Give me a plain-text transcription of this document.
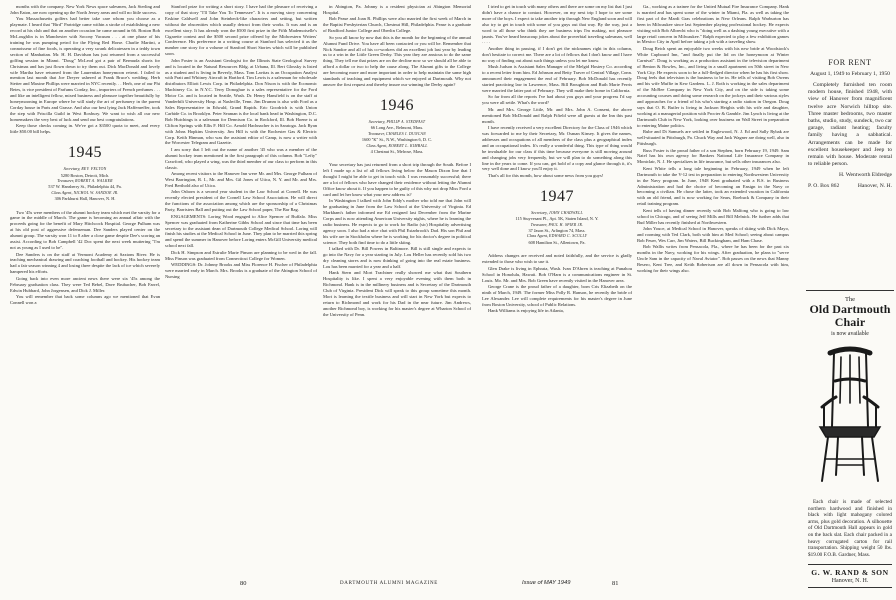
months with the company. New York News space salesmen, Jack Sterling and John Eaton, are now opening up the North Jersey areas and will no little success.

You Massachusetts golfers had better take care whom you choose as a playmate. I heard that "Bird" Partridge came within a stroke of establishing a new record at his club and that on another occasion he came around in 66. Boston Bob McLoughlin is in Manchester with Socony Vacuum . . . at one phase of his training he was pumping petrol for the Flying Red Horse. Charlie Martini, a connoisseur of fine foods, is operating a very swank delicatessen in a teddy town section of Manhattan. Mr. H. H. Davidson has just returned from a successful golfing session in Miami. "Doug" McLeod got a pair of Bermuda shorts for Christmas and has just flown down to try them out. Dick MacDonald and lovely wife Martha have returned from the Laurentian honeymoon retreat. I failed to mention last month that Joe Dreyer ushered at Frank Bruce's wedding. Herb Stetter and Maxine Phillips were married in NYC recently. . . Herb, one of our Phi Betes, is vice president of Parfums Corday, Inc., importers of French perfumes . . . and like an intelligent fellow, mixed business and pleasure together beautifully by honeymooning in Europe where he will study the art of perfumery in the parent Corday house in Paris and Grasse. And also our best lying Jack Haffenreffer, took the step with Priscilla Guild in West Roxbury. We want to wish all our new homemakers the very best of luck and send our best congratulations.

Keep those checks coming in. We've got a $3500 quota to meet, and every little $50.00 bill helps.

1945
Secretary, REV. FELTON
5280 Boston, Detroit, Mich.
Treasurer, ROBERT A. WALKER
537 W. Hansberry St., Philadelphia 44, Pa.
Class Agent, NICHOL W. SANDOE JR.
306 Parkhurst Hall, Hanover, N. H.

Two '45s were members of the alumni hockey team which met the varsity for a game in the middle of March. The game is becoming an annual affair with the proceeds going for the benefit of Mary Hitchcock Hospital. George Pulham was at his old post of aggressive defenseman. Dee Sanders played center on the alumni group. The varsity won 11 to 8 after a close game despite Dee's scoring an assist. According to Bob Campbell '42 Doc spent the next week muttering "I'm not as young as I used to be".

Dee Sanders is on the staff at Vermont Academy at Saxtons River. He is teaching mechanical drawing and coaching football and hockey. His hockey team had a fair season winning 4 and losing three despite the lack of ice which severely hampered his efforts.

Going back into even more ancient news there were six '45s among the February graduation class. They were Ted Bebel, Dave Brubacher, Bob Farrel, Edwin Hubbard, John Jorgensen, and Dick J. Miller.

You will remember that back some columns ago we mentioned that Evan Connell won a

Stanford prize for writing a short story. I have had the pleasure of receiving a copy of that story "I'll Take You To Tennessee". It is a moving story concerning Erskine Caldwell and John Steinbeck-like characters and setting, but written without the obscenities which usually detract from their works. It was and is an excellent story. It has already won the $500 first prize in the Fifth Mademoiselle's Cigarette contest and the $500 second prize offered by the Midwestern Writers' Conference. His preference in a writing course at Stanford has selected it as the number one story for a volume of Stanford Short Stories which will be published soon.

John Foster is an Assistant Geologist for the Illinois State Geological Survey and is located in the Natural Resources Bldg. at Urbana, Ill. Bert Glossky is listed as a student and is living in Beverly, Mass. Tom Lavitas is an Occupation Analyst with Pratt and Whitney Aircraft in Hartford. Tim Lewis is a salesman for wholesale distributors Elliott Lewis Corp. in Philadelphia. Don Nixon is with the Economic Machinery Co. in N.Y.C. Terry Donoghue is a sales representative for the Ford Motor Co. and is located in Seattle, Wash. Dr. Henry Hansfield is on the staff at Vanderbilt University Hosp. at Nashville, Tenn. Jim Drumm is also with Ford as a Sales Representative in Edwald, Grand Rapids. Eric Goodrich is with Union Carbide Co. in Brooklyn. Peter Seaman is the local bank head in Washington, D.C. Bob Hutchings is a salesman for Dennison Co. in Rockford, Ill. Bob Hoene is at Clifton Springs with Ellis F. Hill Co. Arnold Hachnacher is in Saratoga. Jack Ryan with Johns Hopkins University. Jim Hill is with the Rochester Gas & Electric Corp. Keith Hinman, who was the assistant editor of Camp, is now a writer with the Worcester Telegram and Gazette.

I am sorry that I left out the name of another '45 who was a member of the alumni hockey team mentioned in the first paragraph of this column. Bob "Lefty" Crawford, who played a wing, was the third member of our class to perform in this classic.

Among recent visitors to the Hanover Inn were Mr. and Mrs. George Fulham of West Barrington, R. I., Mr. and Mrs. Gil Jones of Utica, N. Y. and Mr. and Mrs. Fred Berthold also of Utica.

John Osborn is a second year student in the Law School at Cornell. He was recently elected president of the Cornell Law School Association. He will direct the functions of the association among which are the sponsorship of a Christmas Party, Barristers Ball and putting out the Law School paper, The Bar Rag.

ENGAGEMENTS: Loring Wood engaged to Alice Spencer of Buffalo. Miss Spencer was graduated from Katherine Gibbs School and since that time has been secretary to the assistant dean of Dartmouth College Medical School. Loring will finish his studies at the Medical School in June. They plan to be married this spring and spend the summer in Hanover before Loring enters McGill University medical school next fall.

Dick H. Simpson and Estrulie Marie Pinson are planning to be wed in the fall. Miss Pinson was graduated from Connecticut College for Women.

WEDDINGS: Dr. Johnny Brooks and Miss Florence H. Fischer of Philadelphia were married early in March. Mrs. Brooks is a graduate of the Abington School of Nursing

in Abington, Pa. Johnny is a resident physician at Abington Memorial Hospital.

Bob Pease and Joan R. Phillips were also married the first week of March in the Baptist Presbyterian Church, Chestnut Hill, Philadelphia. Pease is a graduate of Bradford Junior College and Oberlin College.

So you all know by now that this is the month for the beginning of the annual Alumni Fund Drive. You have all been contacted or you will be. Remember that Nick Sandoe and all of his co-workers did an excellent job last year by leading us to a win in the Little Green Derby. This year they are anxious to do the same thing. They tell me that prizes are on the decline now so we should all be able to afford a dollar or two to help the cause along. The Alumni gifts to the College are becoming more and more important in order to help maintain the same high standards of teaching and equipment which we enjoyed at Dartmouth. Why not answer the first request and thereby insure our winning the Derby again?

1946
Secretary, PHILIP A. STEDFAST
66 Long Ave., Belmont, Mass.
Treasurer, CHARLES I. DUNCAN
1600 "K" St., N.W., Washington 6, D. C.
Class Agent, ROBERT L. KIMBALL
4 Chestnut St., Melrose, Mass.

Your secretary has just returned from a short trip through the South. Before I left I made up a list of all fellows living below the Mason Dixon line that I thought I might be able to get in touch with. I was reasonably successful; there are a lot of fellows who have changed their residence without letting the Alumni Office know about it. If you happen to be guilty of this why not drop Miss Ford a card and let her know what your new address is?

In Washington I talked with John Eddy's mother who told me that John will be graduating in June from the Law School at the University of Virginia. Ed Markham's father informed me Ed resigned last December from the Marine Corps and is now attending American University nights, where he is learning the radio business. He expects to go to work for Radio (sic) Hospitality advertising agency soon. I also had a nice chat with Phil Estarbrook's Dad. His son Phil and his wife are in Stockholm where he is working for his doctor's degree in political science. They both find time to do a little skiing.

I talked with Dr. Bill Powers in Baltimore. Bill is still single and expects to go into the Navy for a year starting in July. Lou Heller has recently sold his two dry cleaning stores and is now thinking of going into the real estate business. Lou has been married for a year and a half.

Hank Stern and Mort Trachtner really showed me what that Southern Hospitality is like. I spent a very enjoyable evening with them both in Richmond. Hank is in the millinery business and is Secretary of the Dartmouth Club of Virginia. President Dick will speak to this group sometime this month. Mort is learning the textile business and will start in New York but expects to return to Richmond and work for his Dad in the near future. Jim Andrews, another Richmond boy, is working for his master's degree at Wharton School of the University of Penn.

I tried to get in touch with many others and there are some on my list that I just didn't have a chance to contact. However, on my next trip I hope to see some more of the boys. I expect to take another trip through New England soon and will also try to get in touch with some of you guys out that way. By the way, just a word to all those who think they are business trips I'm making, not pleasure jaunts. You've heard beaucoup jokes about the proverbial traveling salesman, well . . . .

Another thing in passing, if I don't get the nicknames right in this column, don't hesitate to correct me. There are a lot of fellows that I don't know and I have no way of finding out about such things unless you let me know.

Mush Judson is Assistant Sales Manager of the Melgid Hosiery Co. according to a recent letter from him. Ed Johnson and Betty Traver of Central Village, Conn. announced their engagement the end of February. Bob McDonald has recently started practicing law in Lawrence, Mass. Bill Broughton and Ruth Marie Ferris were married the latter part of February. They will make their home in California.

So far from all the reports I've had about you guys and your progress I'd say you were all settle. What's the word?

Mr. and Mrs. George Little, Mr. and Mrs. John A. Consent, the above mentioned Bob McDonald and Ralph Fifield were all guests at the Inn this past month.

I have recently received a very excellent Directory for the Class of 1946 which was forwarded to me by their Secretary, Mr. Osman Kinsey. It gives the names, addresses and occupations of all members of the class plus a geographical index and an occupational index. It's really a wonderful thing. This type of thing would be invaluable for our class if this time because everyone is still moving around and changing jobs very frequently, but we will plan to do something along this line in the years to come. If you can, get hold of a copy and glance through it, it's very well done and I know you'll enjoy it.

That's all for this month, how about some news from you guys!

1947
Secretary, JOHN CHADWELL
115 Stuyvesant Pl., Apt. 5K, Staten Island, N. Y.
Treasurer, PAUL H. SPIER JR.
37 Jason St., Arlington 74, Mass.
Class Agent, EDWARD C. SCULLY
608 Hamilton St., Allentown, Pa.

Address changes are received and noted faithfully, and the service is gladly extended to those who wish to use it.

Glen Drake is living in Ephrata, Wash. Ivan D'Abren is teaching at Punahou School in Honolulu, Hawaii. Bob O'Harn is a communications engineer in St. Louis. Mo. Mr. and Mrs. Bob Green have recently visited in the Hanover area.

George Crane is the proud father of a daughter, born Cris Elizabeth on the ninth of March, 1949. The former Miss Polly R. Hanson, he recently the bride of Lee Alexander. Lee will complete requirements for his master's degree in June from Boston University, school of Public Relations.

Hank Williams is enjoying life in Atlanta,

Ga., working as a trainee for the United Mutual Fire Insurance Company. Hank is married and has spent some of the winter in Miami, Fla. as well as taking the first part of the Mardi Gras celebrations in New Orleans. Ralph Warburton has been in Milwaukee since last September playing professional hockey. He expects visiting with Bob Albrecht who is "doing well as a dashing young executive with a large retail concern in Milwaukee." Ralph expected to play a few exhibition games in Mexico City in April before taking a job with a traveling show.

Doug Reich spent an enjoyable two weeks with his new bride at Woodstock's White Cupboard Inn, "and finally put the lid on the honeymoon at Winter Carnival". Doug is working as a production assistant in the television department of Benton & Bowles, Inc., and living in a small apartment on 50th street in New York City. He expects soon to be a full-fledged director when he has his first show. Doug feels that television is the business to be in. He tells of visiting Bob Owens and his wife Muffie in Kew Gardens. L. J. Roth is working in the sales department of the McBee Company in New York City, and on the side is taking some accounting courses and doing some research on the jockeys and their various styles and approaches for a friend of his who's starting a radio station in Oregon. Doug says that O. B. Butler is living in Jackson Heights with his wife and daughter, working at a managerial position with Procter & Gamble. Jim Lynch is living at the Dartmouth Club in New York, looking over business on Wall Street in preparation to entering Maine politics.

Rube and Di Samuels are settled in Englewood, N. J. Ed and Sally Rybak are well-situated in Pittsburgh, Pa. Chuck Way and Jack Wagner are doing well, also in Pittsburgh.

Russ Foster is the proud father of a son Stephen, born February 19, 1949. Sam Natel has his own agency for Bankers National Life Insurance Company in Montclair, N. J. He specializes in life insurance, but sells other insurances also.

Kent White tells a long tale beginning in February, 1949 when he left Dartmouth to take the V-12 test in preparation to entering Northwestern University in the Navy program. In June, 1948 Kent graduated with a B.S. in Business Administration and had the choice of becoming an Ensign in the Navy or becoming a civilian. He chose the latter, took an extended vacation in California with an old friend, and is now working for Sears, Roebuck & Company in their retail training program.

Kent tells of having dinner recently with Bob Malfong who is going to law school in Chicago, and of seeing Jeff Mills and Bill Melnick. He further adds that Bud Miller has recently finished at Northwestern.

John Youce, at Medical School in Hanover, speaks of skiing with Dick Mayo, and rooming with Ted Clark, both with him at Med School; seeing about campus Bob Feuer, Wes Carr, Jim Waters, Bill Buckingham, and Ham Chase.

Bob Wallis writes from Pensacola, Fla., where he has been for the past six months in the Navy, working for his wings. After graduation, he plans to "serve Uncle Sam in the capacity of Naval Aviator". Bob passes on the news that Manny Besero, Kent Tree, and Keith Robertson are all down in Pensacola with him, working for their wings also.

FOR RENT
August 1, 1949 to February 1, 1950
Completely furnished ten room modern house, finished 1948, with view of Hanover from magnificent twelve acre Norwich hilltop site. Three master bedrooms, two master baths, studio, study, sundeck, two car garage, radiant heating; faculty family having a sabbatical. Arrangements can be made for excellent housekeeper and Jeep to remain with house. Moderate rental to reliable person.
H. Wentworth Eldredge
P. O. Box 862	Hanover, N. H.
The
Old Dartmouth Chair
is now available
Each chair is made of selected northern hardwood and finished in black with light mahogany colored arms, plus gold decoration. A silhouette of Old Dartmouth Hall appears in gold on the back slat. Each chair packed in a heavy corrugated carton for rail transportation. Shipping weight 50 lbs. $19.00 F.O.B. Gardner, Mass.
G. W. RAND & SON
Hanover, N. H.
80	DARTMOUTH ALUMNI MAGAZINE	Issue of MAY 1949	81
